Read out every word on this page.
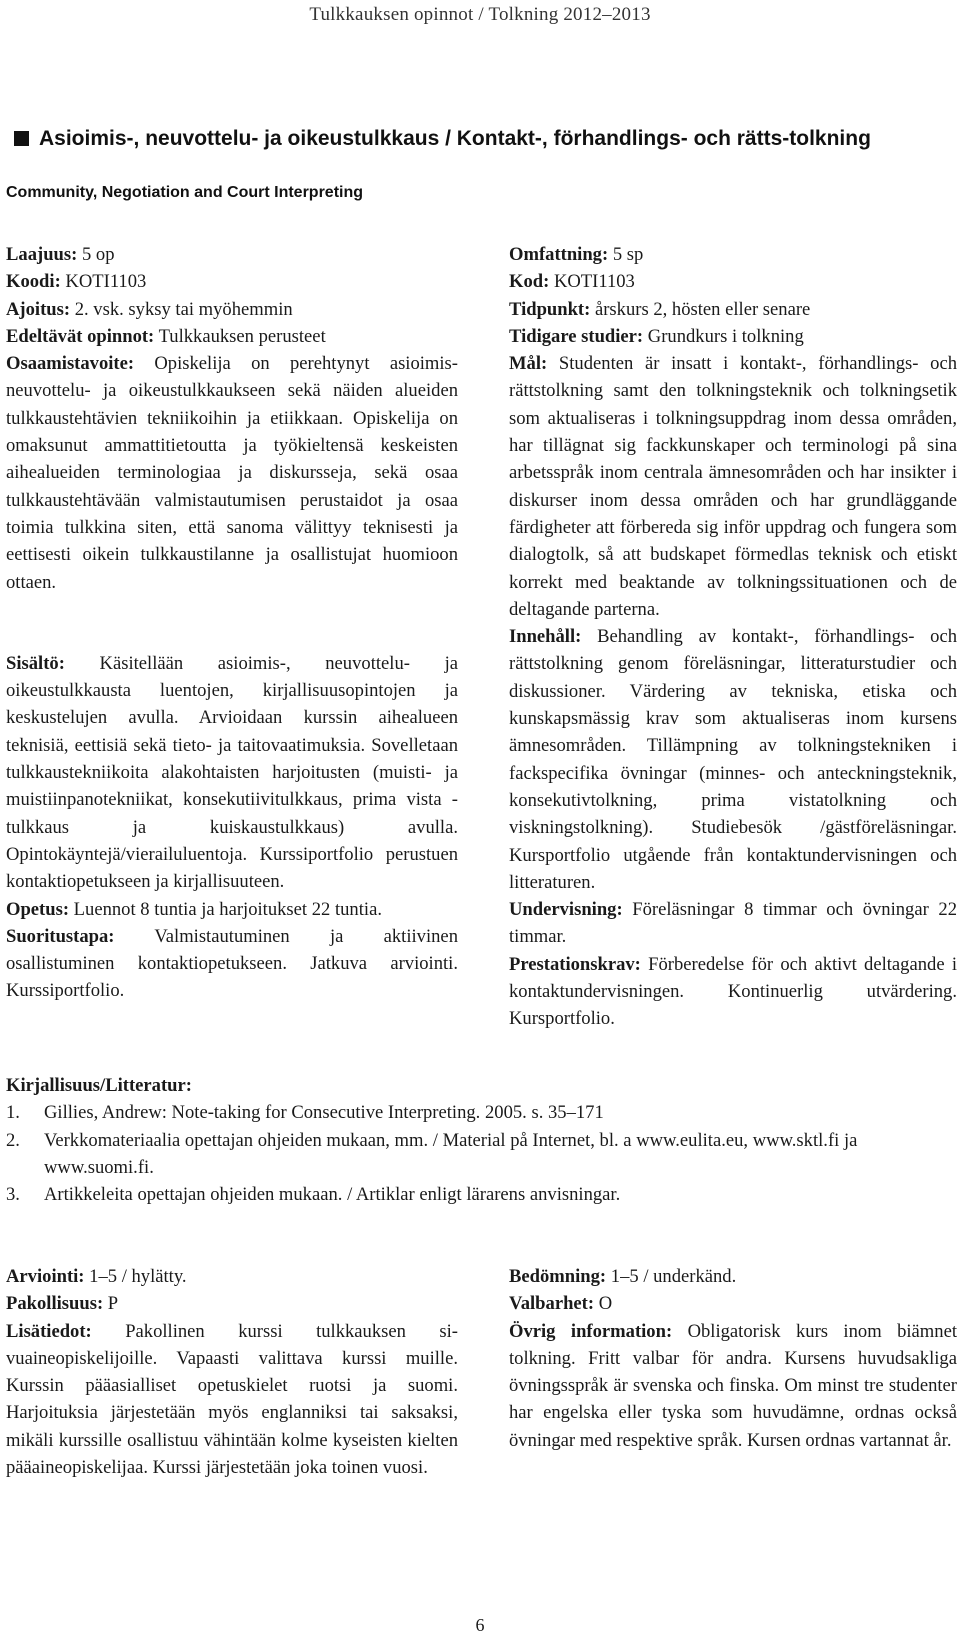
Tulkkauksen opinnot / Tolkning 2012–2013
Asioimis-, neuvottelu- ja oikeustulkkaus / Kontakt-, förhandlings- och rätts-tolkning
Community, Negotiation and Court Interpreting

Laajuus: 5 op

Koodi: KOTI1103

Ajoitus: 2. vsk. syksy tai myöhemmin

Edeltävät opinnot: Tulkkauksen perusteet

Osaamistavoite: Opiskelija on perehtynyt asioimis- neuvottelu- ja oikeustulkkaukseen sekä näiden alueiden tulkkaustehtävien tekniikoihin ja etiikkaan. Opiskelija on omaksunut ammattitietoutta ja työkieltensä keskeisten aihealueiden terminologiaa ja diskursseja, sekä osaa tulkkaustehtävään valmistautumisen perustaidot ja osaa toimia tulkkina siten, että sanoma välittyy teknisesti ja eettisesti oikein tulkkaustilanne ja osallistujat huomioon ottaen.

Sisältö: Käsitellään asioimis-, neuvottelu- ja oikeustulkkausta luentojen, kirjallisuusopintojen ja keskustelujen avulla. Arvioidaan kurssin aihealueen teknisiä, eettisiä sekä tieto- ja taitovaatimuksia. Sovelletaan tulkkaustekniikoita alakohtaisten harjoitusten (muisti- ja muistiinpanotekniikat, konsekutiivitulkkaus, prima vista -tulkkaus ja kuiskaustulkkaus) avulla. Opintokäyntejä/vierailuluentoja. Kurssiportfolio perustuen kontaktiopetukseen ja kirjallisuuteen.

Opetus: Luennot 8 tuntia ja harjoitukset 22 tuntia.

Suoritustapa: Valmistautuminen ja aktiivinen osallistuminen kontaktiopetukseen. Jatkuva arviointi. Kurssiportfolio.

Omfattning: 5 sp

Kod: KOTI1103

Tidpunkt: årskurs 2, hösten eller senare

Tidigare studier: Grundkurs i tolkning

Mål: Studenten är insatt i kontakt-, förhandlings- och rättstolkning samt den tolkningsteknik och tolkningsetik som aktualiseras i tolkningsuppdrag inom dessa områden, har tillägnat sig fackkunskaper och terminologi på sina arbetsspråk inom centrala ämnesområden och har insikter i diskurser inom dessa områden och har grundläggande färdigheter att förbereda sig inför uppdrag och fungera som dialogtolk, så att budskapet förmedlas teknisk och etiskt korrekt med beaktande av tolkningssituationen och de deltagande parterna.

Innehåll: Behandling av kontakt-, förhandlings- och rättstolkning genom föreläsningar, litteraturstudier och diskussioner. Värdering av tekniska, etiska och kunskapsmässig krav som aktualiseras inom kursens ämnesområden. Tillämpning av tolkningstekniken i fackspecifika övningar (minnes- och anteckningsteknik, konsekutivtolkning, prima vistatolkning och viskningstolkning). Studiebesök /gästföreläsningar. Kursportfolio utgående från kontaktundervisningen och litteraturen.

Undervisning: Föreläsningar 8 timmar och övningar 22 timmar.

Prestationskrav: Förberedelse för och aktivt deltagande i kontaktundervisningen. Kontinuerlig utvärdering. Kursportfolio.

Kirjallisuus/Litteratur:
1. Gillies, Andrew: Note-taking for Consecutive Interpreting. 2005. s. 35–171
2. Verkkomateriaalia opettajan ohjeiden mukaan, mm. / Material på Internet, bl. a www.eulita.eu, www.sktl.fi ja www.suomi.fi.
3. Artikkeleita opettajan ohjeiden mukaan. / Artiklar enligt lärarens anvisningar.

Arviointi: 1–5 / hylätty.

Pakollisuus: P

Lisätiedot: Pakollinen kurssi tulkkauksen sivuaineopiskelijoille. Vapaasti valittava kurssi muille. Kurssin pääasialliset opetuskielet ruotsi ja suomi. Harjoituksia järjestetään myös englanniksi tai saksaksi, mikäli kurssille osallistuu vähintään kolme kyseisten kielten pääaineopiskelijaa. Kurssi järjestetään joka toinen vuosi.

Bedömning: 1–5 / underkänd.

Valbarhet: O

Övrig information: Obligatorisk kurs inom biämnet tolkning. Fritt valbar för andra. Kursens huvudsakliga övningsspråk är svenska och finska. Om minst tre studenter har engelska eller tyska som huvudämne, ordnas också övningar med respektive språk. Kursen ordnas vartannat år.

6
